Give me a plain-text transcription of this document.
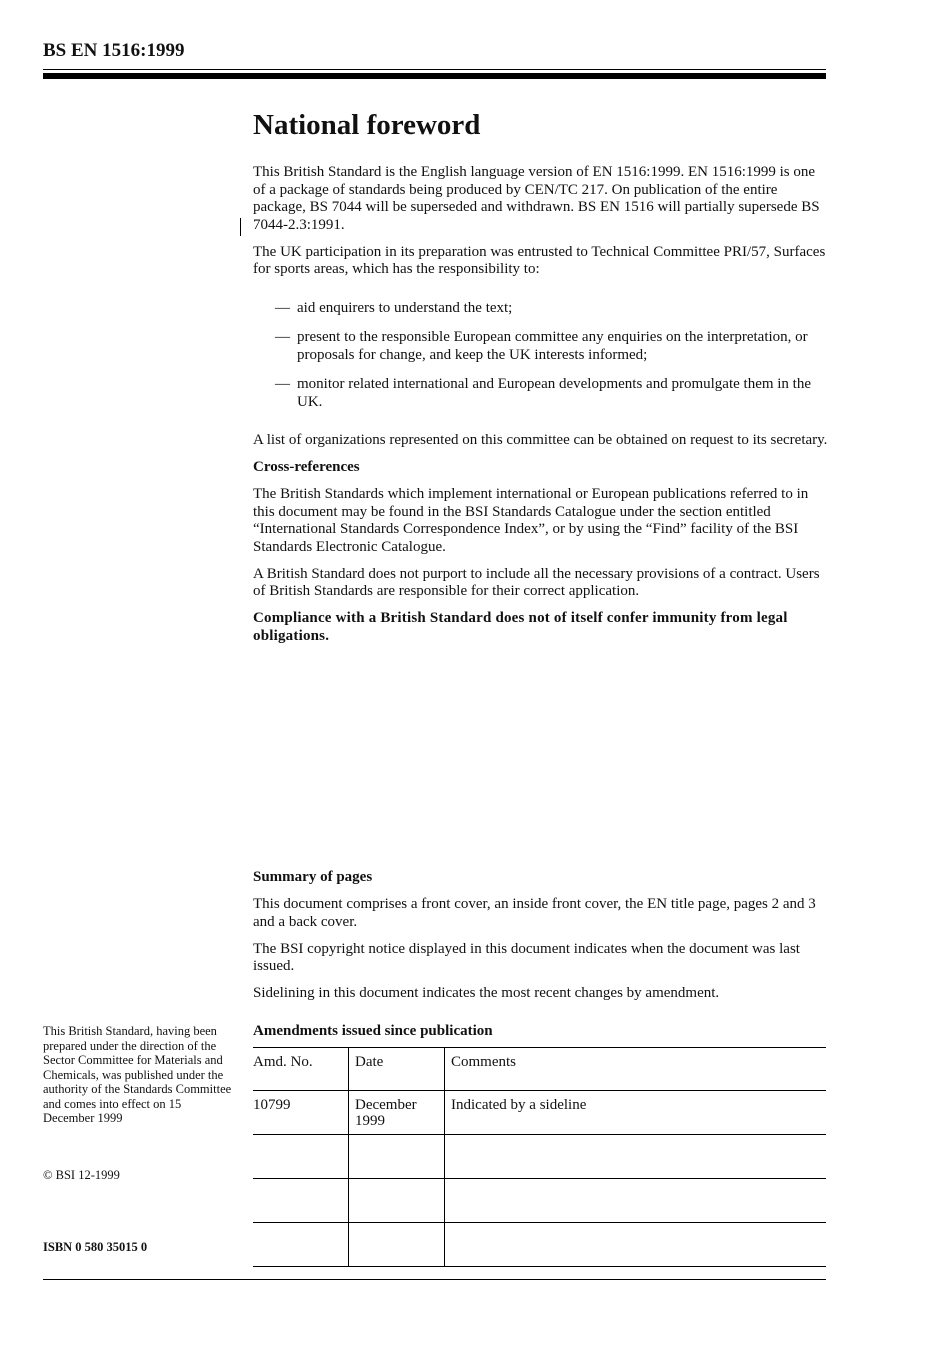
BS EN 1516:1999
National foreword

This British Standard is the English language version of EN 1516:1999. EN 1516:1999 is one of a package of standards being produced by CEN/TC 217. On publication of the entire package, BS 7044 will be superseded and withdrawn. BS EN 1516 will partially supersede BS 7044-2.3:1991.

The UK participation in its preparation was entrusted to Technical Committee PRI/57, Surfaces for sports areas, which has the responsibility to:

— aid enquirers to understand the text;
— present to the responsible European committee any enquiries on the interpretation, or proposals for change, and keep the UK interests informed;
— monitor related international and European developments and promulgate them in the UK.

A list of organizations represented on this committee can be obtained on request to its secretary.

Cross-references

The British Standards which implement international or European publications referred to in this document may be found in the BSI Standards Catalogue under the section entitled “International Standards Correspondence Index”, or by using the “Find” facility of the BSI Standards Electronic Catalogue.

A British Standard does not purport to include all the necessary provisions of a contract. Users of British Standards are responsible for their correct application.

Compliance with a British Standard does not of itself confer immunity from legal obligations.

Summary of pages

This document comprises a front cover, an inside front cover, the EN title page, pages 2 and 3 and a back cover.

The BSI copyright notice displayed in this document indicates when the document was last issued.

Sidelining in this document indicates the most recent changes by amendment.

Amendments issued since publication
Amd. No.	Date	Comments
10799	December 1999	Indicated by a sideline

This British Standard, having been prepared under the direction of the Sector Committee for Materials and Chemicals, was published under the authority of the Standards Committee and comes into effect on 15 December 1999

© BSI 12-1999
ISBN 0 580 35015 0
